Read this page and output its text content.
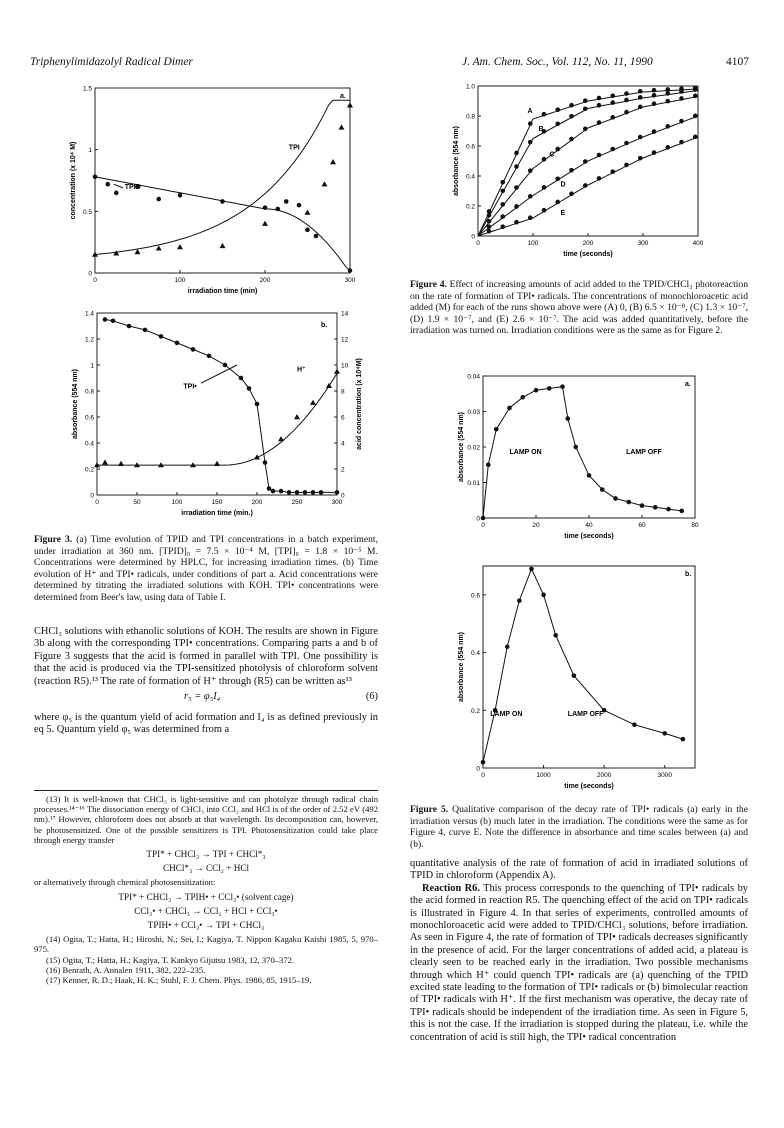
Triphenylimidazolyl Radical Dimer	J. Am. Chem. Soc., Vol. 112, No. 11, 1990	4107
0	100	200	300
0
0.5
1
1.5
irradiation time (min)
concentration (x 10⁴ M)	TPID
TPI
a.
0	50	100	150	200	250	300
0
0.2
0.4
0.6
0.8
1
1.2
1.4
irradiation time (min.)
absorbance (554 nm)
0
2
4
6
8
10
12
14
acid concentration (x 10⁴M)
TPI•
H⁺
b.
Figure 3. (a) Time evolution of TPID and TPI concentrations in a batch experiment, under irradiation at 360 nm. [TPID]₀ = 7.5 × 10⁻⁴ M, [TPI]₀ = 1.8 × 10⁻⁵ M. Concentrations were determined by HPLC, for increasing irradiation times. (b) Time evolution of H⁺ and TPI• radicals, under conditions of part a. Acid concentrations were determined by titrating the irradiated solutions with KOH. TPI• concentrations were determined from Beer's law, using data of Table I.

CHCl₃ solutions with ethanolic solutions of KOH. The results are shown in Figure 3b along with the corresponding TPI• concentrations. Comparing parts a and b of Figure 3 suggests that the acid is formed in parallel with TPI. One possibility is that the acid is produced via the TPI-sensitized photolysis of chloroform solvent (reaction R5).¹³ The rate of formation of H⁺ through (R5) can be written as¹³

r₅ = φ₅I₄	(6)

where φ₅ is the quantum yield of acid formation and I₄ is as defined previously in eq 5. Quantum yield φ₅ was determined from a

(13) It is well-known that CHCl₃ is light-sensitive and can photolyze through radical chain processes.¹⁴⁻¹⁶ The dissociation energy of CHCl₃ into CCl₂ and HCl is of the order of 2.52 eV (492 nm).¹⁷ However, chloroform does not absorb at that wavelength. Its decomposition can, however, be photosensitized. One of the possible sensitizers is TPI. Photosensitization could take place through energy transfer

TPI* + CHCl₃ → TPI + CHCl*₃
CHCl*₃ → CCl₂ + HCl

or alternatively through chemical photosensitization:

TPI* + CHCl₃ → TPIH• + CCl₃• (solvent cage)
CCl₃• + CHCl₃ → CCl₂ + HCl + CCl₃•
TPIH• + CCl₃• → TPI + CHCl₃

(14) Ogita, T.; Hatta, H.; Hiroshi, N.; Sei, I.; Kagiya, T. Nippon Kagaku Kaishi 1985, 5, 970–975.

(15) Ogita, T.; Hatta, H.; Kagiya, T. Kankyo Gijutsu 1983, 12, 370–372.

(16) Benrath, A. Annalen 1911, 382, 222–235.

(17) Kenner, R. D.; Haak, H. K.; Stuhl, F. J. Chem. Phys. 1986, 85, 1915–19.

0	100	200	300	400
0
0.2
0.4
0.6
0.8
1.0
time (seconds)
absorbance (554 nm)
A
B
C
D
E
Figure 4. Effect of increasing amounts of acid added to the TPID/CHCl₃ photoreaction on the rate of formation of TPI• radicals. The concentrations of monochloroacetic acid added (M) for each of the runs shown above were (A) 0, (B) 6.5 × 10⁻⁸, (C) 1.3 × 10⁻⁷, (D) 1.9 × 10⁻⁷, and (E) 2.6 × 10⁻⁷. The acid was added quantitatively, before the irradiation was turned on. Irradiation conditions were as the same as for Figure 2.
0	20	40	60	80
0
0.01
0.02
0.03
0.04
time (seconds)
absorbance (554 nm)	LAMP ON	LAMP OFF
a.
0	1000	2000	3000
0
0.2
0.4
0.6
time (seconds)
absorbance (554 nm)
LAMP ON	LAMP OFF
b.
Figure 5. Qualitative comparison of the decay rate of TPI• radicals (a) early in the irradiation versus (b) much later in the irradiation. The conditions were the same as for Figure 4, curve E. Note the difference in absorbance and time scales between (a) and (b).

quantitative analysis of the rate of formation of acid in irradiated solutions of TPID in chloroform (Appendix A).

Reaction R6. This process corresponds to the quenching of TPI• radicals by the acid formed in reaction R5. The quenching effect of the acid on TPI• radicals is illustrated in Figure 4. In that series of experiments, controlled amounts of monochloroacetic acid were added to TPID/CHCl₃ solutions, before irradiation. As seen in Figure 4, the rate of formation of TPI• radicals decreases significantly in the presence of acid. For the larger concentrations of added acid, a plateau is clearly seen to be reached early in the irradiation. Two possible mechanisms through which H⁺ could quench TPI• radicals are (a) quenching of the TPID excited state leading to the formation of TPI• radicals or (b) bimolecular reaction of TPI• radicals with H⁺. If the first mechanism was operative, the decay rate of TPI• radicals should be independent of the irradiation time. As seen in Figure 5, this is not the case. If the irradiation is stopped during the plateau, i.e. while the concentration of acid is still high, the TPI• radical concentration
